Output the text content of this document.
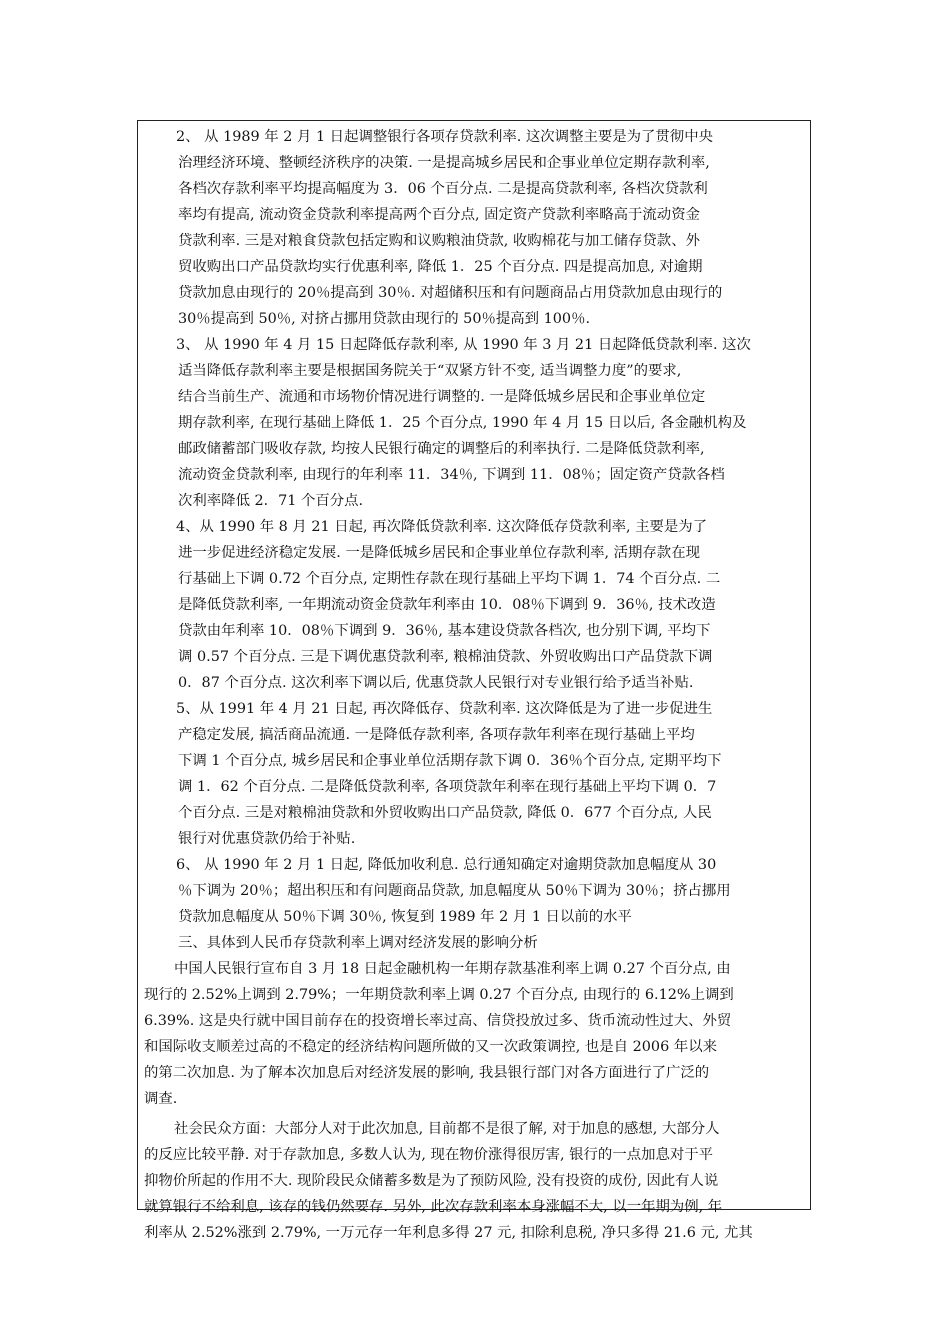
2、 从 1989 年 2 月 1 日起调整银行各项存贷款利率. 这次调整主要是为了贯彻中央
治理经济环境、整顿经济秩序的决策. 一是提高城乡居民和企事业单位定期存款利率,
各档次存款利率平均提高幅度为 3．06 个百分点. 二是提高贷款利率, 各档次贷款利
率均有提高, 流动资金贷款利率提高两个百分点, 固定资产贷款利率略高于流动资金
贷款利率. 三是对粮食贷款包括定购和议购粮油贷款, 收购棉花与加工储存贷款、外
贸收购出口产品贷款均实行优惠利率, 降低 1．25 个百分点. 四是提高加息, 对逾期
贷款加息由现行的 20％提高到 30％. 对超储积压和有问题商品占用贷款加息由现行的
30％提高到 50％, 对挤占挪用贷款由现行的 50％提高到 100％.
3、 从 1990 年 4 月 15 日起降低存款利率, 从 1990 年 3 月 21 日起降低贷款利率. 这次
适当降低存款利率主要是根据国务院关于“双紧方针不变, 适当调整力度”的要求,
结合当前生产、流通和市场物价情况进行调整的. 一是降低城乡居民和企事业单位定
期存款利率, 在现行基础上降低 1．25 个百分点, 1990 年 4 月 15 日以后, 各金融机构及
邮政储蓄部门吸收存款, 均按人民银行确定的调整后的利率执行. 二是降低贷款利率,
流动资金贷款利率, 由现行的年利率 11．34％, 下调到 11．08％；固定资产贷款各档
次利率降低 2．71 个百分点.
4、从 1990 年 8 月 21 日起, 再次降低贷款利率. 这次降低存贷款利率, 主要是为了
进一步促进经济稳定发展. 一是降低城乡居民和企事业单位存款利率, 活期存款在现
行基础上下调 0.72 个百分点, 定期性存款在现行基础上平均下调 1．74 个百分点. 二
是降低贷款利率, 一年期流动资金贷款年利率由 10．08％下调到 9．36％, 技术改造
贷款由年利率 10．08％下调到 9．36％, 基本建设贷款各档次, 也分别下调, 平均下
调 0.57 个百分点. 三是下调优惠贷款利率, 粮棉油贷款、外贸收购出口产品贷款下调
0．87 个百分点. 这次利率下调以后, 优惠贷款人民银行对专业银行给予适当补贴.
5、从 1991 年 4 月 21 日起, 再次降低存、贷款利率. 这次降低是为了进一步促进生
产稳定发展, 搞活商品流通. 一是降低存款利率, 各项存款年利率在现行基础上平均
下调 1 个百分点, 城乡居民和企事业单位活期存款下调 0．36％个百分点, 定期平均下
调 1．62 个百分点. 二是降低贷款利率, 各项贷款年利率在现行基础上平均下调 0．7
个百分点. 三是对粮棉油贷款和外贸收购出口产品贷款, 降低 0．677 个百分点, 人民
银行对优惠贷款仍给于补贴.
6、 从 1990 年 2 月 1 日起, 降低加收利息. 总行通知确定对逾期贷款加息幅度从 30
％下调为 20％；超出积压和有问题商品贷款, 加息幅度从 50％下调为 30％；挤占挪用
贷款加息幅度从 50％下调 30％, 恢复到 1989 年 2 月 1 日以前的水平
三、具体到人民币存贷款利率上调对经济发展的影响分析
中国人民银行宣布自 3 月 18 日起金融机构一年期存款基准利率上调 0.27 个百分点, 由
现行的 2.52%上调到 2.79%；一年期贷款利率上调 0.27 个百分点, 由现行的 6.12%上调到
6.39%. 这是央行就中国目前存在的投资增长率过高、信贷投放过多、货币流动性过大、外贸
和国际收支顺差过高的不稳定的经济结构问题所做的又一次政策调控, 也是自 2006 年以来
的第二次加息. 为了解本次加息后对经济发展的影响, 我县银行部门对各方面进行了广泛的
调查.
社会民众方面：大部分人对于此次加息, 目前都不是很了解, 对于加息的感想, 大部分人
的反应比较平静. 对于存款加息, 多数人认为, 现在物价涨得很厉害, 银行的一点加息对于平
抑物价所起的作用不大. 现阶段民众储蓄多数是为了预防风险, 没有投资的成份, 因此有人说
就算银行不给利息, 该存的钱仍然要存. 另外, 此次存款利率本身涨幅不大, 以一年期为例, 年
利率从 2.52%涨到 2.79%, 一万元存一年利息多得 27 元, 扣除利息税, 净只多得 21.6 元, 尤其
